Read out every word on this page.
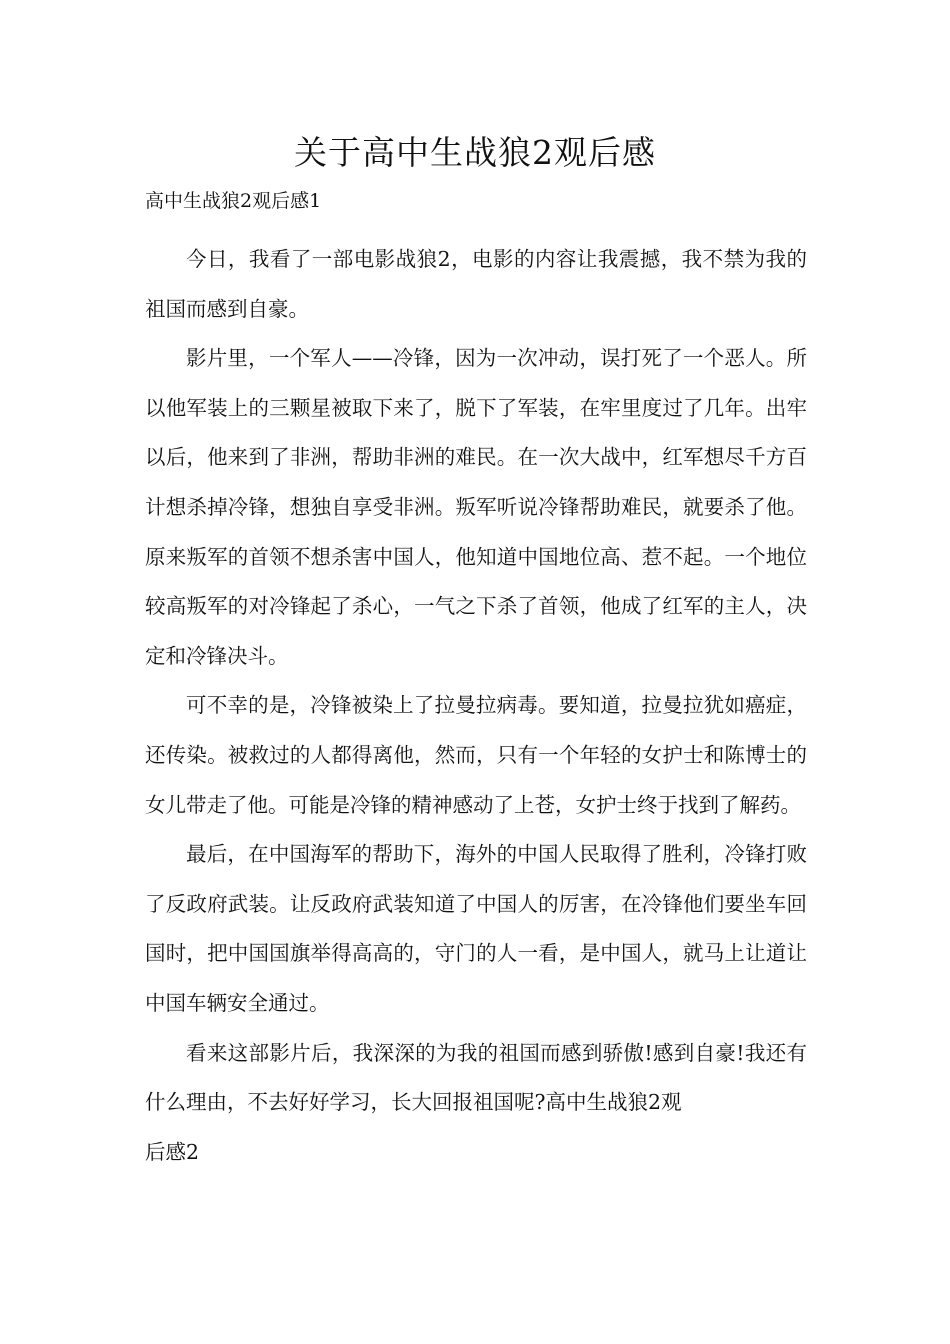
关于高中生战狼2观后感

高中生战狼2观后感1

今日，我看了一部电影战狼2，电影的内容让我震撼，我不禁为我的祖国而感到自豪。

影片里，一个军人——冷锋，因为一次冲动，误打死了一个恶人。所以他军装上的三颗星被取下来了，脱下了军装，在牢里度过了几年。出牢以后，他来到了非洲，帮助非洲的难民。在一次大战中，红军想尽千方百计想杀掉冷锋，想独自享受非洲。叛军听说冷锋帮助难民，就要杀了他。原来叛军的首领不想杀害中国人，他知道中国地位高、惹不起。一个地位较高叛军的对冷锋起了杀心，一气之下杀了首领，他成了红军的主人，决定和冷锋决斗。

可不幸的是，冷锋被染上了拉曼拉病毒。要知道，拉曼拉犹如癌症，还传染。被救过的人都得离他，然而，只有一个年轻的女护士和陈博士的女儿带走了他。可能是冷锋的精神感动了上苍，女护士终于找到了解药。

最后，在中国海军的帮助下，海外的中国人民取得了胜利，冷锋打败了反政府武装。让反政府武装知道了中国人的厉害，在冷锋他们要坐车回国时，把中国国旗举得高高的，守门的人一看，是中国人，就马上让道让中国车辆安全通过。

看来这部影片后，我深深的为我的祖国而感到骄傲!感到自豪!我还有什么理由，不去好好学习，长大回报祖国呢?高中生战狼2观

后感2
